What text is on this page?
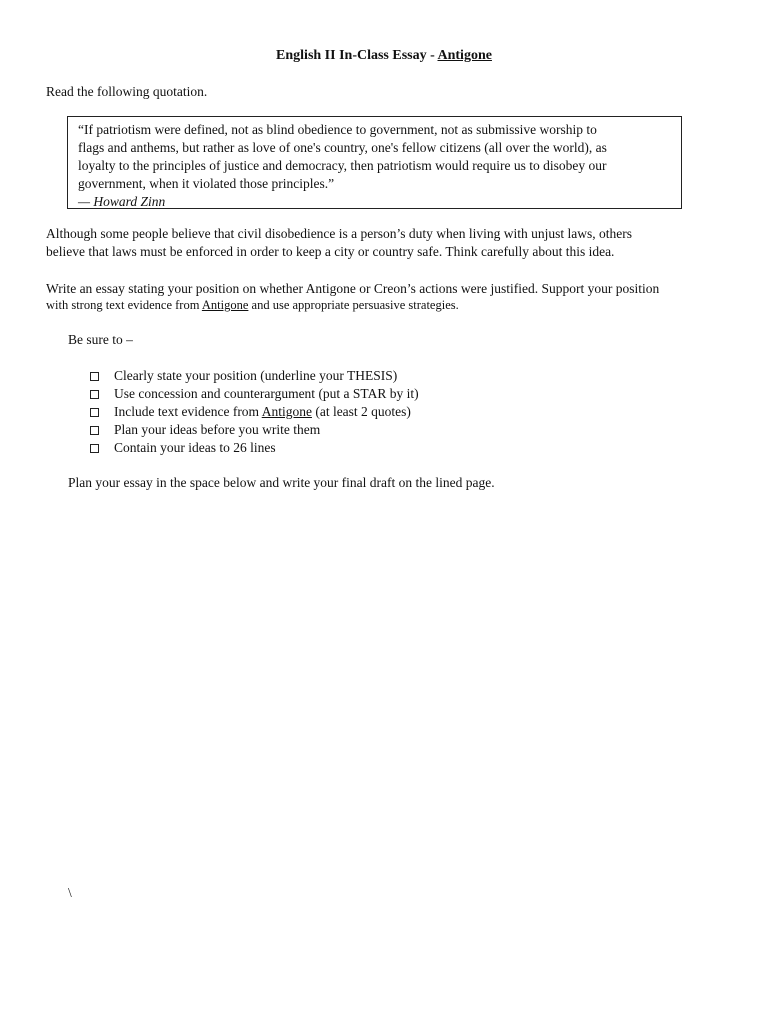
English II In-Class Essay - Antigone
Read the following quotation.
“If patriotism were defined, not as blind obedience to government, not as submissive worship to
flags and anthems, but rather as love of one's country, one's fellow citizens (all over the world), as
loyalty to the principles of justice and democracy, then patriotism would require us to disobey our
government, when it violated those principles.”
— Howard Zinn
Although some people believe that civil disobedience is a person’s duty when living with unjust laws, others
believe that laws must be enforced in order to keep a city or country safe. Think carefully about this idea.
Write an essay stating your position on whether Antigone or Creon’s actions were justified. Support your position
with strong text evidence from Antigone and use appropriate persuasive strategies.
Be sure to –
Clearly state your position (underline your THESIS)
Use concession and counterargument (put a STAR by it)
Include text evidence from Antigone (at least 2 quotes)
Plan your ideas before you write them
Contain your ideas to 26 lines
Plan your essay in the space below and write your final draft on the lined page.
\
